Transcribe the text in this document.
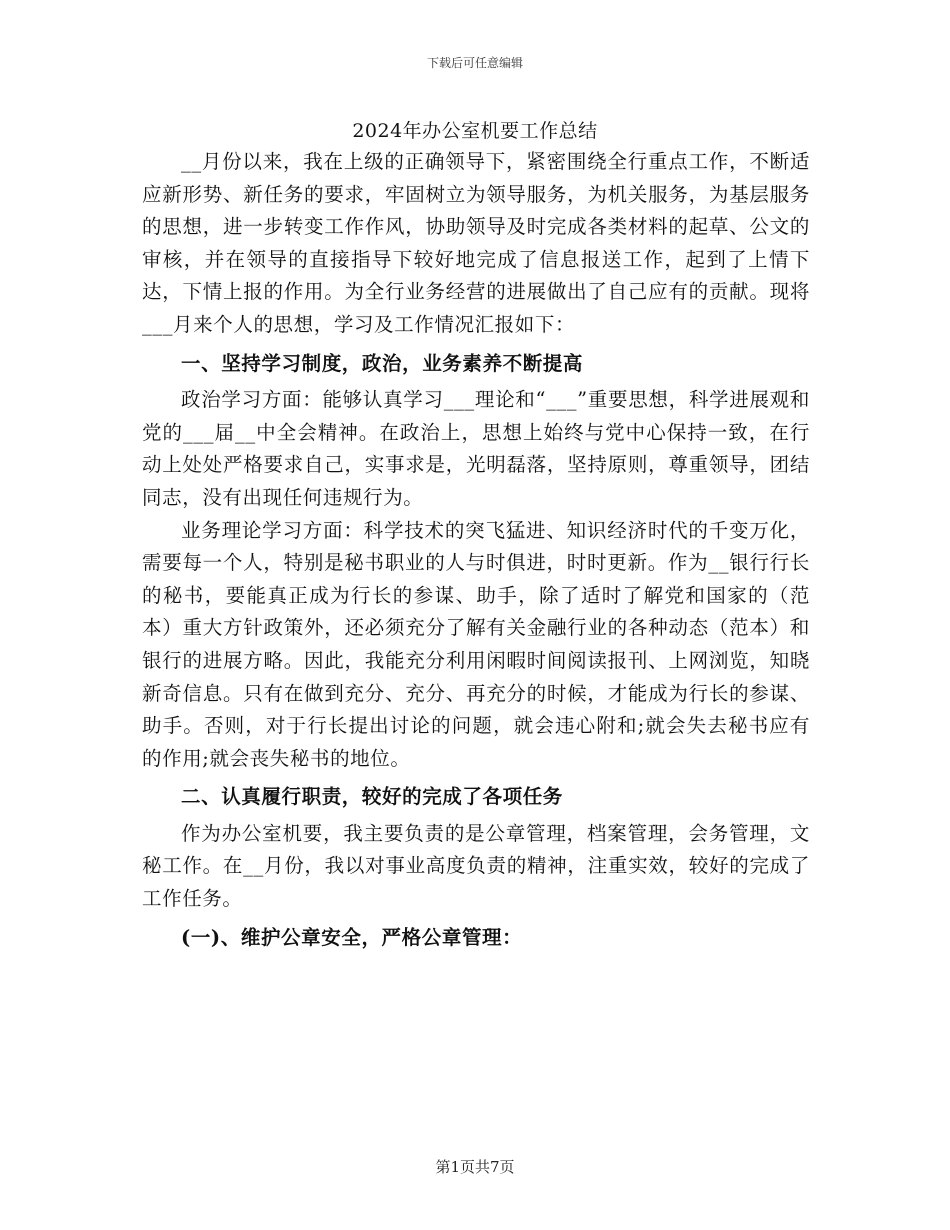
下载后可任意编辑
2024年办公室机要工作总结

__月份以来，我在上级的正确领导下，紧密围绕全行重点工作，不断适应新形势、新任务的要求，牢固树立为领导服务，为机关服务，为基层服务的思想，进一步转变工作作风，协助领导及时完成各类材料的起草、公文的审核，并在领导的直接指导下较好地完成了信息报送工作，起到了上情下达，下情上报的作用。为全行业务经营的进展做出了自己应有的贡献。现将___月来个人的思想，学习及工作情况汇报如下：

一、坚持学习制度，政治，业务素养不断提高

政治学习方面：能够认真学习___理论和“___”重要思想，科学进展观和党的___届__中全会精神。在政治上，思想上始终与党中心保持一致，在行动上处处严格要求自己，实事求是，光明磊落，坚持原则，尊重领导，团结同志，没有出现任何违规行为。

业务理论学习方面：科学技术的突飞猛进、知识经济时代的千变万化，需要每一个人，特别是秘书职业的人与时俱进，时时更新。作为__银行行长的秘书，要能真正成为行长的参谋、助手，除了适时了解党和国家的（范本）重大方针政策外，还必须充分了解有关金融行业的各种动态（范本）和银行的进展方略。因此，我能充分利用闲暇时间阅读报刊、上网浏览，知晓新奇信息。只有在做到充分、充分、再充分的时候，才能成为行长的参谋、助手。否则，对于行长提出讨论的问题，就会违心附和;就会失去秘书应有的作用;就会丧失秘书的地位。

二、认真履行职责，较好的完成了各项任务

作为办公室机要，我主要负责的是公章管理，档案管理，会务管理，文秘工作。在__月份，我以对事业高度负责的精神，注重实效，较好的完成了工作任务。

(一)、维护公章安全，严格公章管理：

第1页共7页
